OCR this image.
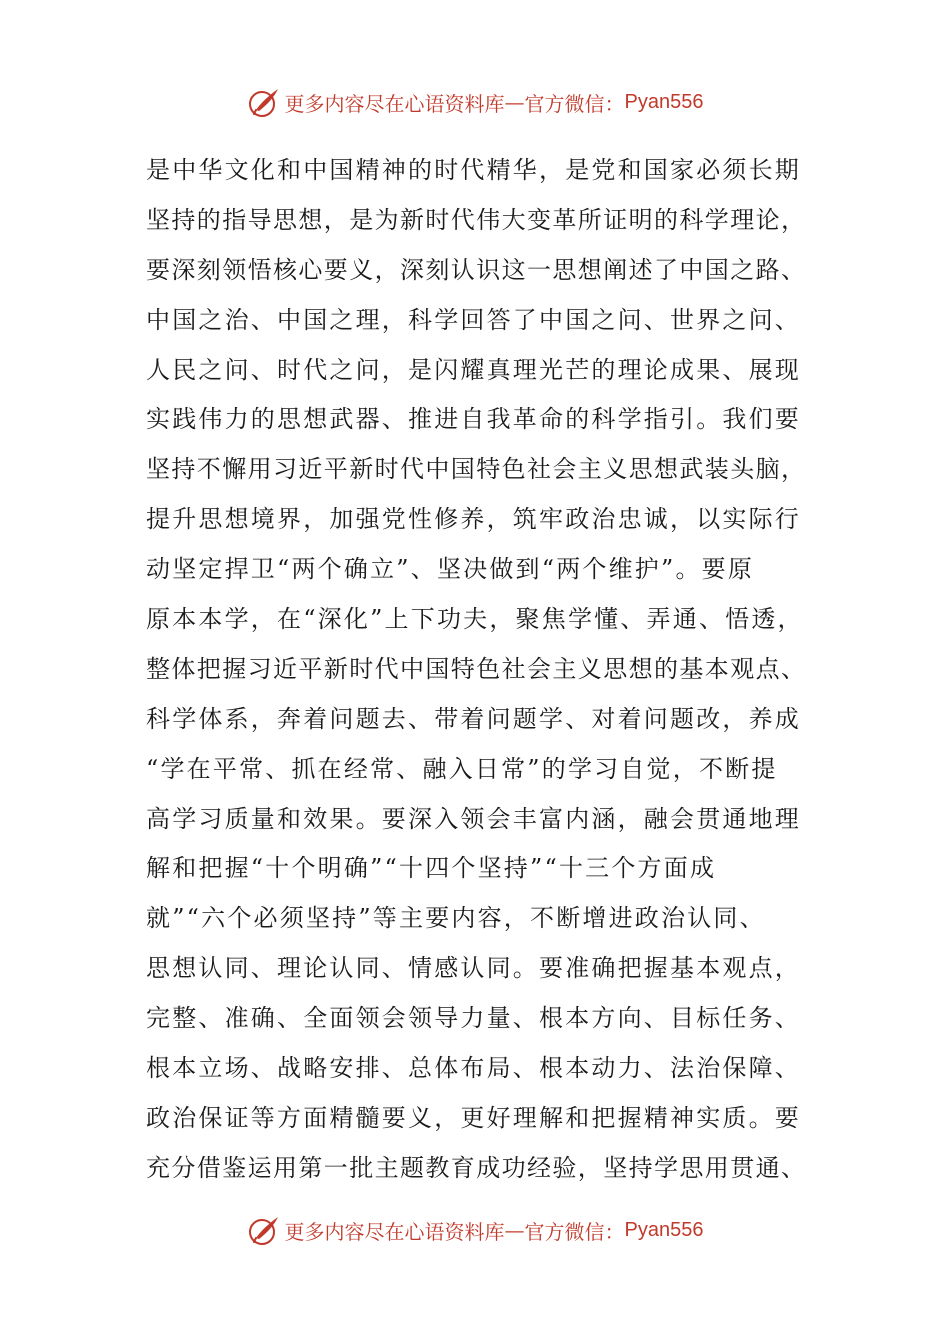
更多内容尽在心语资料库 — 官方微信： Pyan556
是中华文化和中国精神的时代精华，是党和国家必须长期
坚持的指导思想，是为新时代伟大变革所证明的科学理论，
要深刻领悟核心要义，深刻认识这一思想阐述了中国之路、
中国之治、中国之理，科学回答了中国之问、世界之问、
人民之问、时代之问，是闪耀真理光芒的理论成果、展现
实践伟力的思想武器、推进自我革命的科学指引。我们要
坚持不懈用习近平新时代中国特色社会主义思想武装头脑，
提升思想境界，加强党性修养，筑牢政治忠诚，以实际行
动坚定捍卫“两个确立”、坚决做到“两个维护”。要原
原本本学，在“深化”上下功夫，聚焦学懂、弄通、悟透，
整体把握习近平新时代中国特色社会主义思想的基本观点、
科学体系，奔着问题去、带着问题学、对着问题改，养成
“学在平常、抓在经常、融入日常”的学习自觉，不断提
高学习质量和效果。要深入领会丰富内涵，融会贯通地理
解和把握“十个明确”“十四个坚持”“十三个方面成
就”“六个必须坚持”等主要内容，不断增进政治认同、
思想认同、理论认同、情感认同。要准确把握基本观点，
完整、准确、全面领会领导力量、根本方向、目标任务、
根本立场、战略安排、总体布局、根本动力、法治保障、
政治保证等方面精髓要义，更好理解和把握精神实质。要
充分借鉴运用第一批主题教育成功经验，坚持学思用贯通、
更多内容尽在心语资料库 — 官方微信： Pyan556
